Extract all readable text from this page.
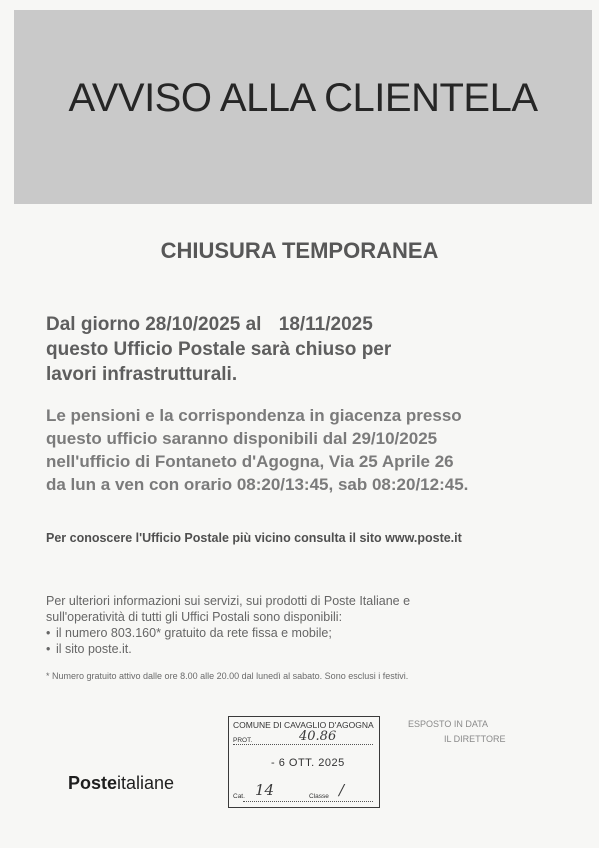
AVVISO ALLA CLIENTELA
CHIUSURA TEMPORANEA
Dal giorno 28/10/2025 al 18/11/2025
questo Ufficio Postale sarà chiuso per
lavori infrastrutturali.
Le pensioni e la corrispondenza in giacenza presso
questo ufficio saranno disponibili dal 29/10/2025
nell'ufficio di Fontaneto d'Agogna, Via 25 Aprile 26
da lun a ven con orario 08:20/13:45, sab 08:20/12:45.
Per conoscere l'Ufficio Postale più vicino consulta il sito www.poste.it
Per ulteriori informazioni sui servizi, sui prodotti di Poste Italiane e
sull'operatività di tutti gli Uffici Postali sono disponibili:
• il numero 803.160* gratuito da rete fissa e mobile;
• il sito poste.it.
* Numero gratuito attivo dalle ore 8.00 alle 20.00 dal lunedì al sabato. Sono esclusi i festivi.
COMUNE DI CAVAGLIO D'AGOGNA
PROT.	40.86
- 6 OTT. 2025
Cat. 14	Classe /
ESPOSTO IN DATA
IL DIRETTORE
Posteitaliane
